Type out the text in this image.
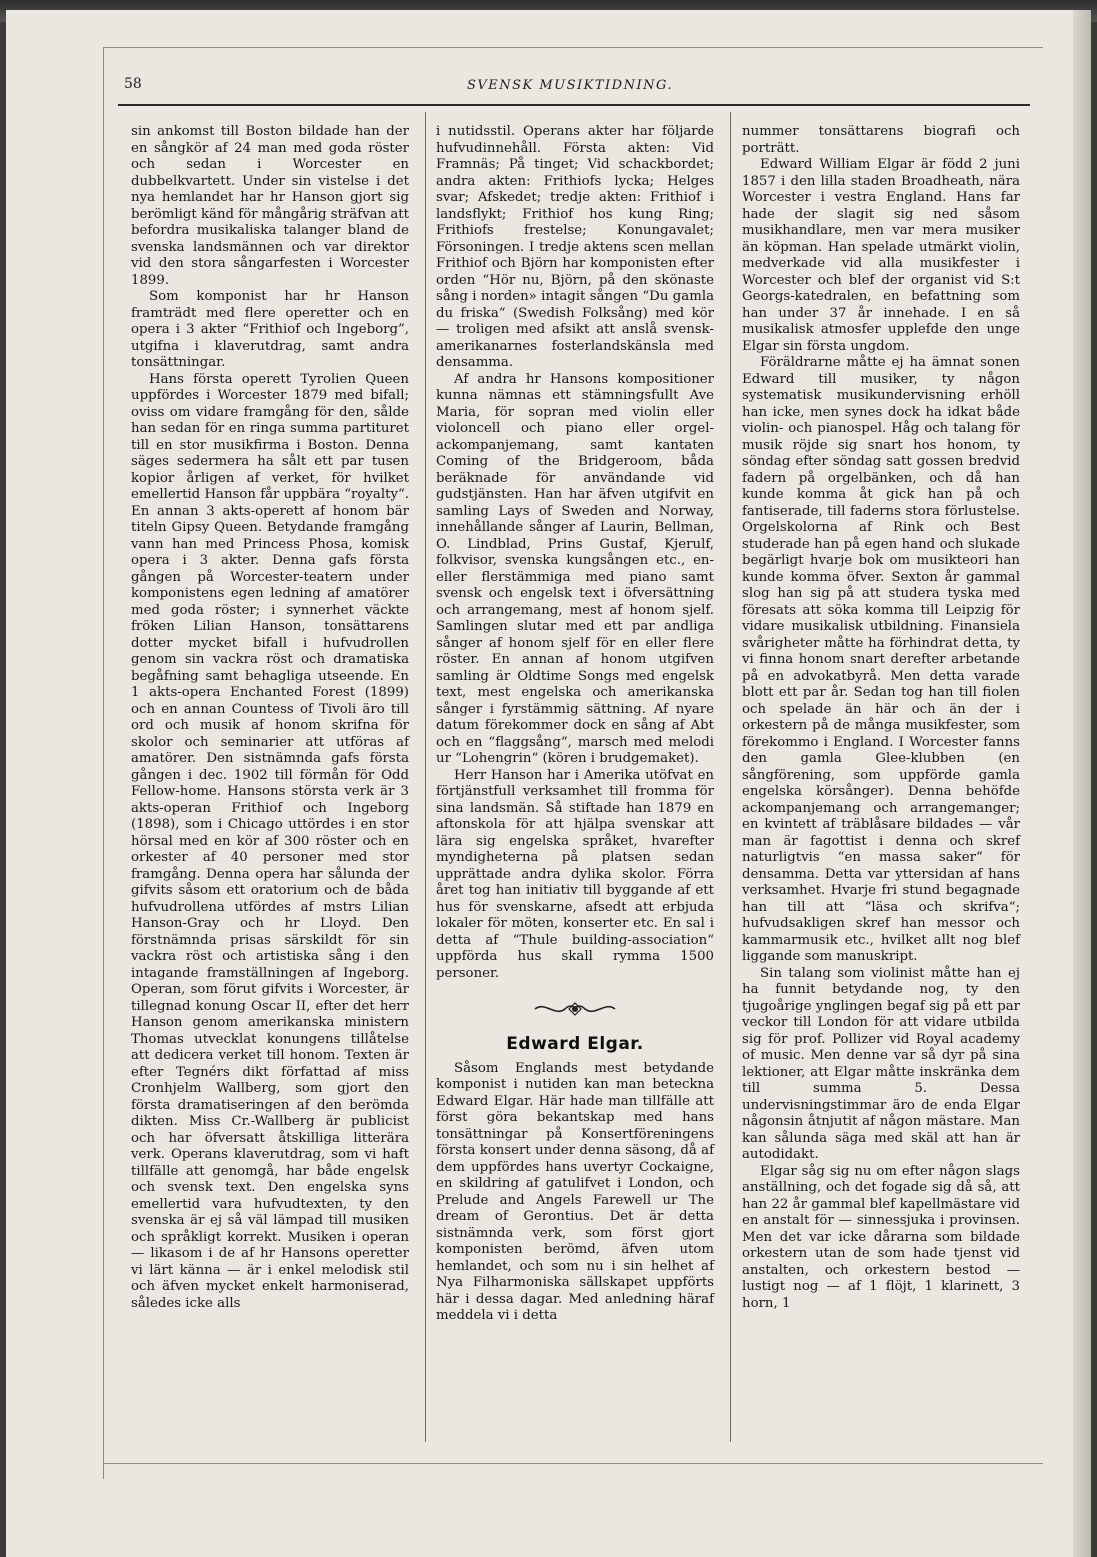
58	SVENSK MUSIKTIDNING.

sin ankomst till Boston bildade han der en sångkör af 24 man med goda röster och sedan i Worcester en dubbelkvartett. Under sin vistelse i det nya hemlandet har hr Hanson gjort sig berömligt känd för mångårig sträfvan att befordra musikaliska talanger bland de svenska landsmännen och var direktor vid den stora sångarfesten i Worcester 1899.

Som komponist har hr Hanson framträdt med flere operetter och en opera i 3 akter “Frithiof och Ingeborg”, utgifna i klaverutdrag, samt andra tonsättningar.

Hans första operett Tyrolien Queen uppfördes i Worcester 1879 med bifall; oviss om vidare framgång för den, sålde han sedan för en ringa summa partituret till en stor musikfirma i Boston. Denna säges sedermera ha sålt ett par tusen kopior årligen af verket, för hvilket emellertid Hanson får uppbära “royalty“. En annan 3 akts-operett af honom bär titeln Gipsy Queen. Betydande framgång vann han med Princess Phosa, komisk opera i 3 akter. Denna gafs första gången på Worcester-teatern under komponistens egen ledning af amatörer med goda röster; i synnerhet väckte fröken Lilian Hanson, tonsättarens dotter mycket bifall i hufvudrollen genom sin vackra röst och dramatiska begåfning samt behagliga utseende. En 1 akts-opera Enchanted Forest (1899) och en annan Countess of Tivoli äro till ord och musik af honom skrifna för skolor och seminarier att utföras af amatörer. Den sistnämnda gafs första gången i dec. 1902 till förmån för Odd Fellow-home. Hansons största verk är 3 akts-operan Frithiof och Ingeborg (1898), som i Chicago uttördes i en stor hörsal med en kör af 300 röster och en orkester af 40 personer med stor framgång. Denna opera har sålunda der gifvits såsom ett oratorium och de båda hufvudrollena utfördes af mstrs Lilian Hanson-Gray och hr Lloyd. Den förstnämnda prisas särskildt för sin vackra röst och artistiska sång i den intagande framställningen af Ingeborg. Operan, som förut gifvits i Worcester, är tillegnad konung Oscar II, efter det herr Hanson genom amerikanska ministern Thomas utvecklat konungens tillåtelse att dedicera verket till honom. Texten är efter Tegnérs dikt författad af miss Cronhjelm Wallberg, som gjort den första dramatiseringen af den berömda dikten. Miss Cr.-Wallberg är publicist och har öfversatt åtskilliga litterära verk. Operans klaverutdrag, som vi haft tillfälle att genomgå, har både engelsk och svensk text. Den engelska syns emellertid vara hufvudtexten, ty den svenska är ej så väl lämpad till musiken och språkligt korrekt. Musiken i operan — likasom i de af hr Hansons operetter vi lärt känna — är i enkel melodisk stil och äfven mycket enkelt harmoniserad, således icke alls

i nutidsstil. Operans akter har följarde hufvudinnehåll. Första akten: Vid Framnäs; På tinget; Vid schackbordet; andra akten: Frithiofs lycka; Helges svar; Afskedet; tredje akten: Frithiof i landsflykt; Frithiof hos kung Ring; Frithiofs frestelse; Konungavalet; Försoningen. I tredje aktens scen mellan Frithiof och Björn har komponisten efter orden “Hör nu, Björn, på den skönaste sång i norden» intagit sången “Du gamla du friska“ (Swedish Folksång) med kör — troligen med afsikt att anslå svensk-amerikanarnes fosterlandskänsla med densamma.

Af andra hr Hansons kompositioner kunna nämnas ett stämningsfullt Ave Maria, för sopran med violin eller violoncell och piano eller orgel-ackompanjemang, samt kantaten Coming of the Bridgeroom, båda beräknade för användande vid gudstjänsten. Han har äfven utgifvit en samling Lays of Sweden and Norway, innehållande sånger af Laurin, Bellman, O. Lindblad, Prins Gustaf, Kjerulf, folkvisor, svenska kungsången etc., en- eller flerstämmiga med piano samt svensk och engelsk text i öfversättning och arrangemang, mest af honom sjelf. Samlingen slutar med ett par andliga sånger af honom sjelf för en eller flere röster. En annan af honom utgifven samling är Oldtime Songs med engelsk text, mest engelska och amerikanska sånger i fyrstämmig sättning. Af nyare datum förekommer dock en sång af Abt och en “flaggsång“, marsch med melodi ur “Lohengrin“ (kören i brudgemaket).

Herr Hanson har i Amerika utöfvat en förtjänstfull verksamhet till fromma för sina landsmän. Så stiftade han 1879 en aftonskola för att hjälpa svenskar att lära sig engelska språket, hvarefter myndigheterna på platsen sedan upprättade andra dylika skolor. Förra året tog han initiativ till byggande af ett hus för svenskarne, afsedt att erbjuda lokaler för möten, konserter etc. En sal i detta af “Thule building-association“ uppförda hus skall rymma 1500 personer.

Edward Elgar.

Såsom Englands mest betydande komponist i nutiden kan man beteckna Edward Elgar. Här hade man tillfälle att först göra bekantskap med hans tonsättningar på Konsertföreningens första konsert under denna säsong, då af dem uppfördes hans uvertyr Cockaigne, en skildring af gatulifvet i London, och Prelude and Angels Farewell ur The dream of Gerontius. Det är detta sistnämnda verk, som först gjort komponisten berömd, äfven utom hemlandet, och som nu i sin helhet af Nya Filharmoniska sällskapet uppförts här i dessa dagar. Med anledning häraf meddela vi i detta

nummer tonsättarens biografi och porträtt.

Edward William Elgar är född 2 juni 1857 i den lilla staden Broadheath, nära Worcester i vestra England. Hans far hade der slagit sig ned såsom musikhandlare, men var mera musiker än köpman. Han spelade utmärkt violin, medverkade vid alla musikfester i Worcester och blef der organist vid S:t Georgs-katedralen, en befattning som han under 37 år innehade. I en så musikalisk atmosfer upplefde den unge Elgar sin första ungdom.

Föräldrarne måtte ej ha ämnat sonen Edward till musiker, ty någon systematisk musikundervisning erhöll han icke, men synes dock ha idkat både violin- och pianospel. Håg och talang för musik röjde sig snart hos honom, ty söndag efter söndag satt gossen bredvid fadern på orgelbänken, och då han kunde komma åt gick han på och fantiserade, till faderns stora förlustelse. Orgelskolorna af Rink och Best studerade han på egen hand och slukade begärligt hvarje bok om musikteori han kunde komma öfver. Sexton år gammal slog han sig på att studera tyska med föresats att söka komma till Leipzig för vidare musikalisk utbildning. Finansiela svårigheter måtte ha förhindrat detta, ty vi finna honom snart derefter arbetande på en advokatbyrå. Men detta varade blott ett par år. Sedan tog han till fiolen och spelade än här och än der i orkestern på de många musikfester, som förekommo i England. I Worcester fanns den gamla Glee-klubben (en sångförening, som uppförde gamla engelska körsånger). Denna behöfde ackompanjemang och arrangemanger; en kvintett af träblåsare bildades — vår man är fagottist i denna och skref naturligtvis “en massa saker“ för densamma. Detta var yttersidan af hans verksamhet. Hvarje fri stund begagnade han till att “läsa och skrifva“; hufvudsakligen skref han messor och kammarmusik etc., hvilket allt nog blef liggande som manuskript.

Sin talang som violinist måtte han ej ha funnit betydande nog, ty den tjugoårige ynglingen begaf sig på ett par veckor till London för att vidare utbilda sig för prof. Pollizer vid Royal academy of music. Men denne var så dyr på sina lektioner, att Elgar måtte inskränka dem till summa 5. Dessa undervisningstimmar äro de enda Elgar någonsin åtnjutit af någon mästare. Man kan sålunda säga med skäl att han är autodidakt.

Elgar såg sig nu om efter någon slags anställning, och det fogade sig då så, att han 22 år gammal blef kapellmästare vid en anstalt för — sinnessjuka i provinsen. Men det var icke dårarna som bildade orkestern utan de som hade tjenst vid anstalten, och orkestern bestod — lustigt nog — af 1 flöjt, 1 klarinett, 3 horn, 1
